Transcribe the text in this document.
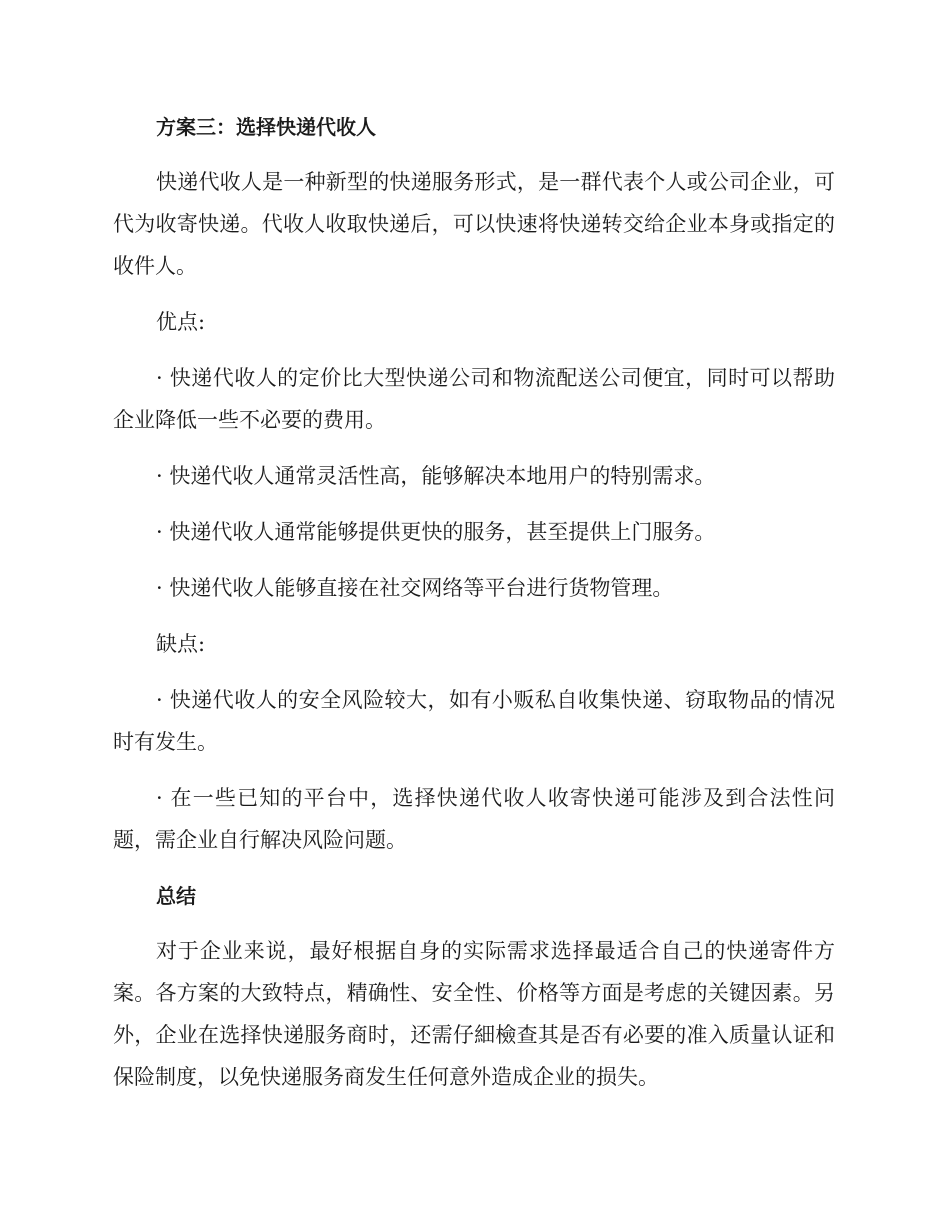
方案三：选择快递代收人

快递代收人是一种新型的快递服务形式，是一群代表个人或公司企业，可代为收寄快递。代收人收取快递后，可以快速将快递转交给企业本身或指定的收件人。

优点:

· 快递代收人的定价比大型快递公司和物流配送公司便宜，同时可以帮助企业降低一些不必要的费用。

· 快递代收人通常灵活性高，能够解决本地用户的特别需求。

· 快递代收人通常能够提供更快的服务，甚至提供上门服务。

· 快递代收人能够直接在社交网络等平台进行货物管理。

缺点:

· 快递代收人的安全风险较大，如有小贩私自收集快递、窃取物品的情况时有发生。

· 在一些已知的平台中，选择快递代收人收寄快递可能涉及到合法性问题，需企业自行解决风险问题。

总结

对于企业来说，最好根据自身的实际需求选择最适合自己的快递寄件方案。各方案的大致特点，精确性、安全性、价格等方面是考虑的关键因素。另外，企业在选择快递服务商时，还需仔細檢查其是否有必要的准入质量认证和保险制度，以免快递服务商发生任何意外造成企业的损失。
